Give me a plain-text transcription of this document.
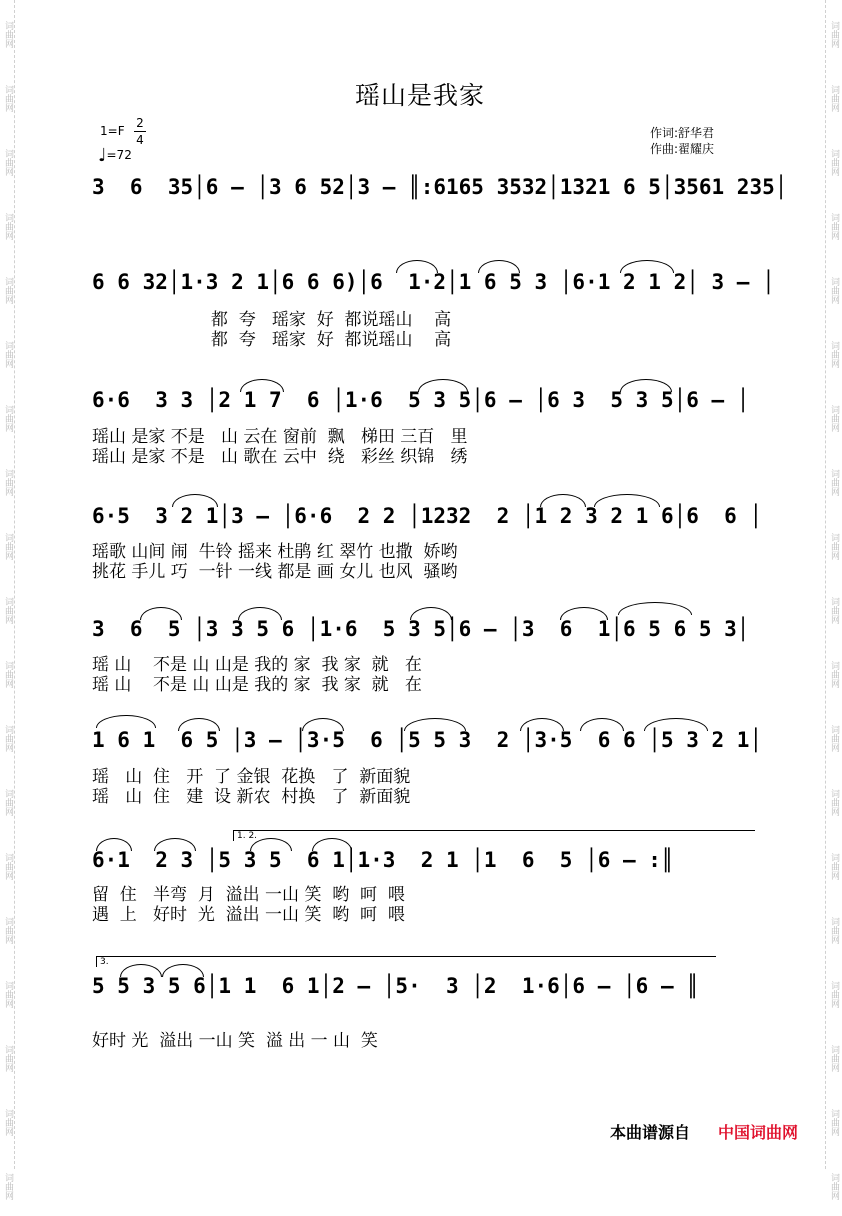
词曲网
词曲网
词曲网
词曲网
词曲网
词曲网
词曲网
词曲网
词曲网
词曲网
词曲网
词曲网
词曲网
词曲网
词曲网
词曲网
词曲网
词曲网
词曲网
词曲网
词曲网
词曲网
词曲网
词曲网
词曲网
词曲网
词曲网
词曲网
词曲网
词曲网
词曲网
词曲网
词曲网
词曲网
词曲网
词曲网
词曲网
词曲网
瑶山是我家
1=F
2
4
♩=72
作词:舒华君
作曲:翟耀庆
3  6  35│6 – │3 6 52│3 – ║:6165 3532│1321 6 5│3561 235│
6 6 32│1·3 2 1│6 6 6)│6  1·2│1 6 5 3 │6·1 2 1 2│ 3 – │
都  夸   瑶家  好  都说瑶山    高
都  夸   瑶家  好  都说瑶山    高
6·6  3 3 │2 1 7  6 │1·6  5 3 5│6 – │6 3  5 3 5│6 – │
瑶山 是家 不是   山 云在 窗前  飘   梯田 三百   里
瑶山 是家 不是   山 歌在 云中  绕   彩丝 织锦   绣
6·5  3 2 1│3 – │6·6  2 2 │1232  2 │1 2 3 2 1 6│6  6 │
瑶歌 山间 闹  牛铃 摇来 杜鹃 红 翠竹 也撒  娇哟
挑花 手儿 巧  一针 一线 都是 画 女儿 也风  骚哟
3  6  5 │3 3 5 6 │1·6  5 3 5│6 – │3  6  1│6 5 6 5 3│
瑶 山    不是 山 山是 我的 家  我 家  就   在
瑶 山    不是 山 山是 我的 家  我 家  就   在
1 6 1  6 5 │3 – │3·5  6 │5 5 3  2 │3·5  6 6 │5 3 2 1│
瑶   山  住   开  了 金银  花换   了  新面貌
瑶   山  住   建  设 新农  村换   了  新面貌
1. 2.
6·1  2 3 │5 3 5  6 1│1·3  2 1 │1  6  5 │6 – :║
留  住   半弯  月  溢出 一山 笑  哟  呵  喂
遇  上   好时  光  溢出 一山 笑  哟  呵  喂
3.
5 5 3 5 6│1 1  6 1│2 – │5·  3 │2  1·6│6 – │6 – ║
好时 光  溢出 一山 笑  溢 出 一 山  笑
本曲谱源自 中国词曲网
